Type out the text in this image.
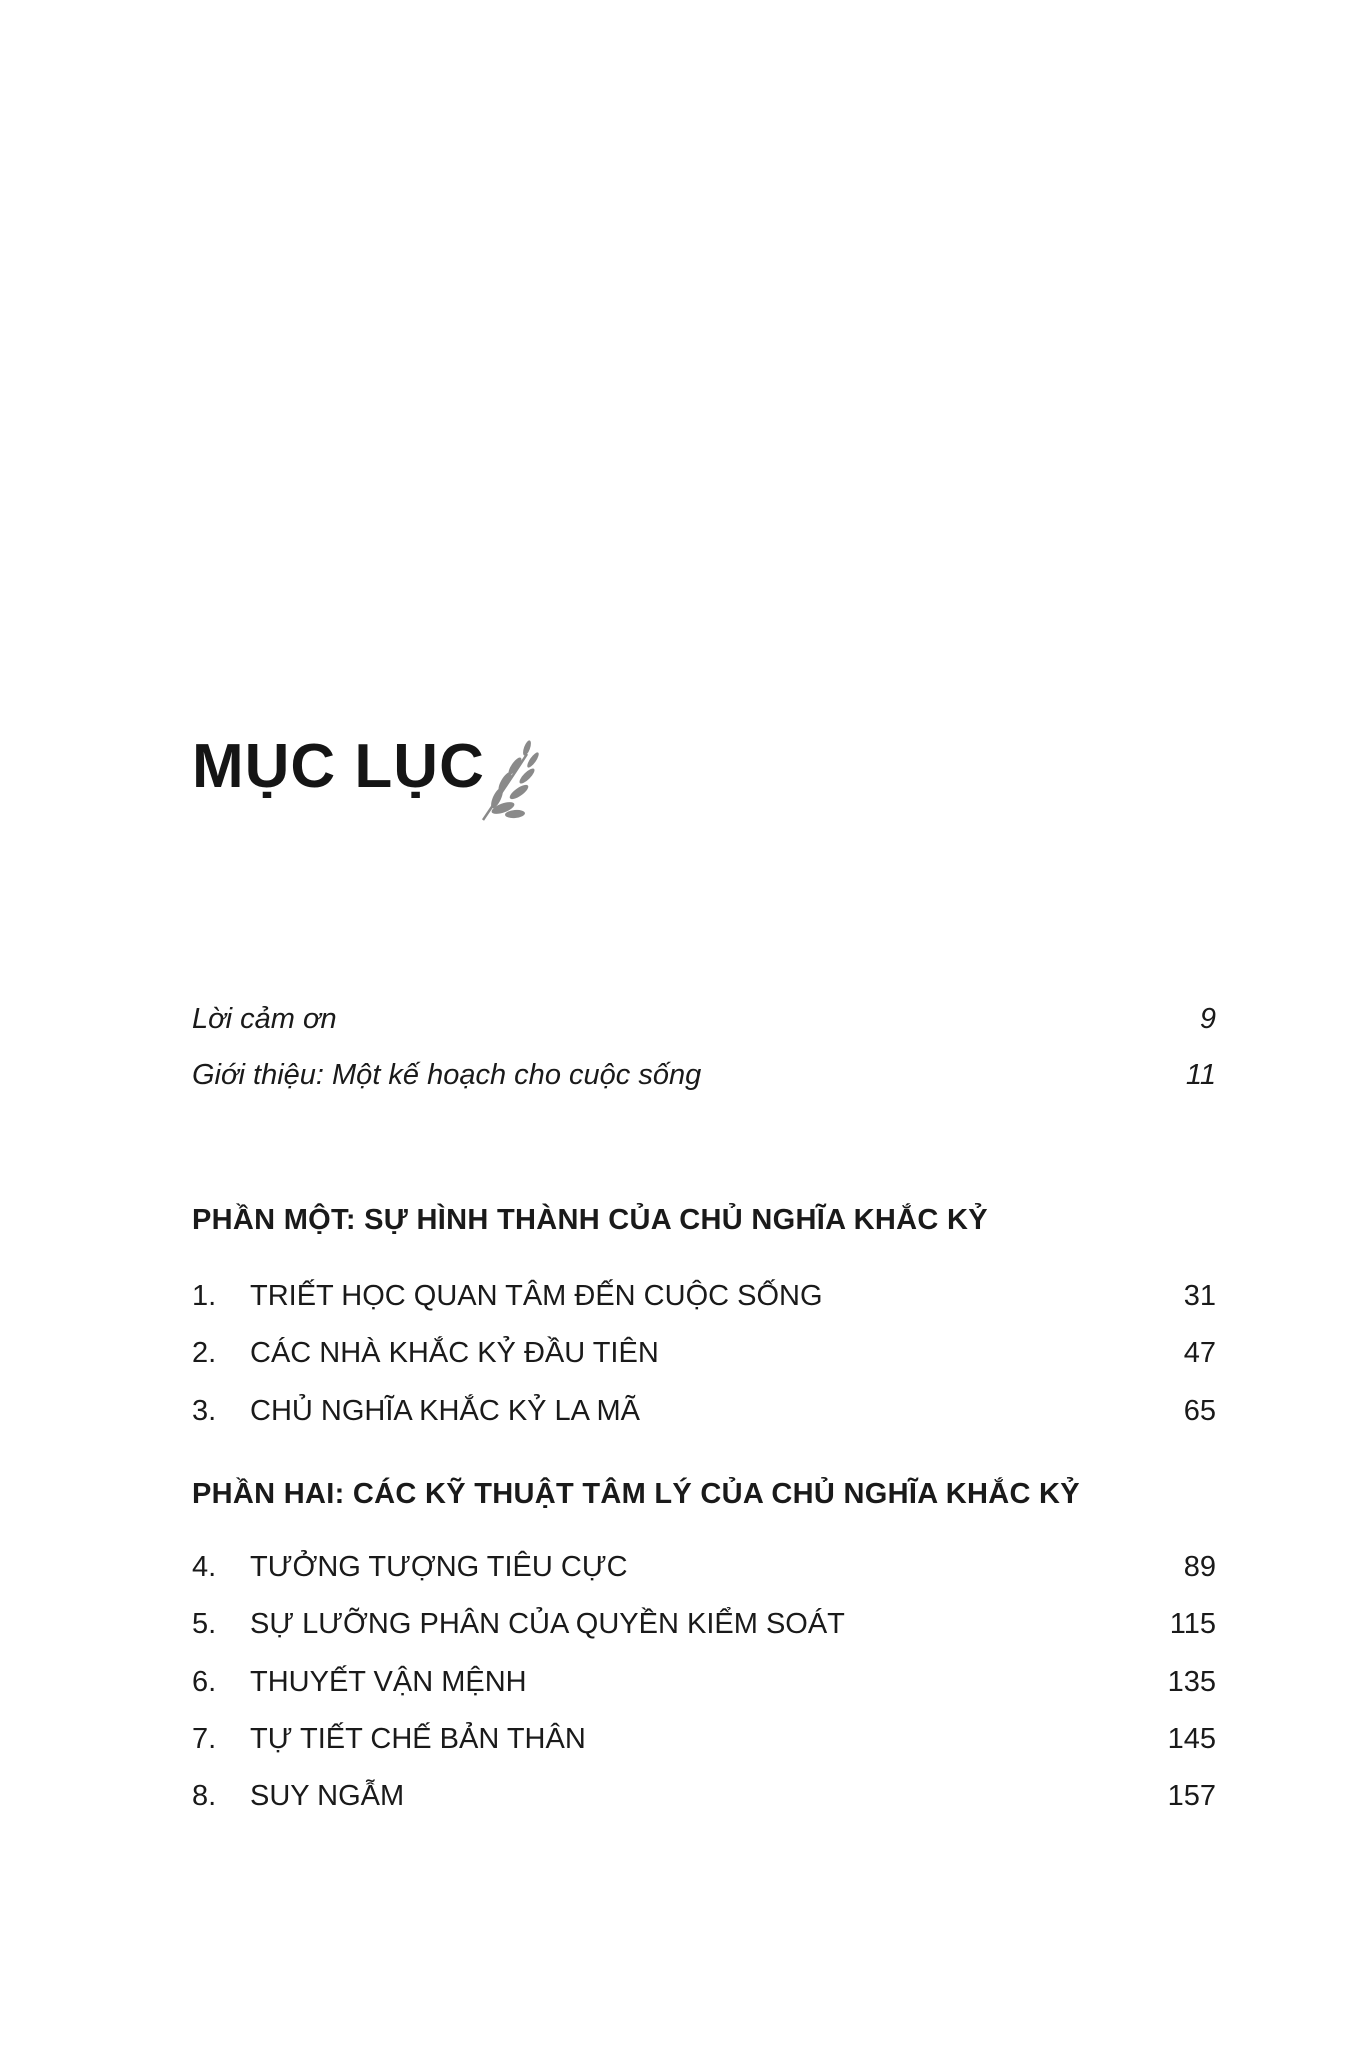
MỤC LỤC
Lời cảm ơn	9
Giới thiệu: Một kế hoạch cho cuộc sống	11
PHẦN MỘT: SỰ HÌNH THÀNH CỦA CHỦ NGHĨA KHẮC KỶ
1.	TRIẾT HỌC QUAN TÂM ĐẾN CUỘC SỐNG	31
2.	CÁC NHÀ KHẮC KỶ ĐẦU TIÊN	47
3.	CHỦ NGHĨA KHẮC KỶ LA MÃ	65
PHẦN HAI: CÁC KỸ THUẬT TÂM LÝ CỦA CHỦ NGHĨA KHẮC KỶ
4.	TƯỞNG TƯỢNG TIÊU CỰC	89
5.	SỰ LƯỠNG PHÂN CỦA QUYỀN KIỂM SOÁT	115
6.	THUYẾT VẬN MỆNH	135
7.	TỰ TIẾT CHẾ BẢN THÂN	145
8.	SUY NGẪM	157
